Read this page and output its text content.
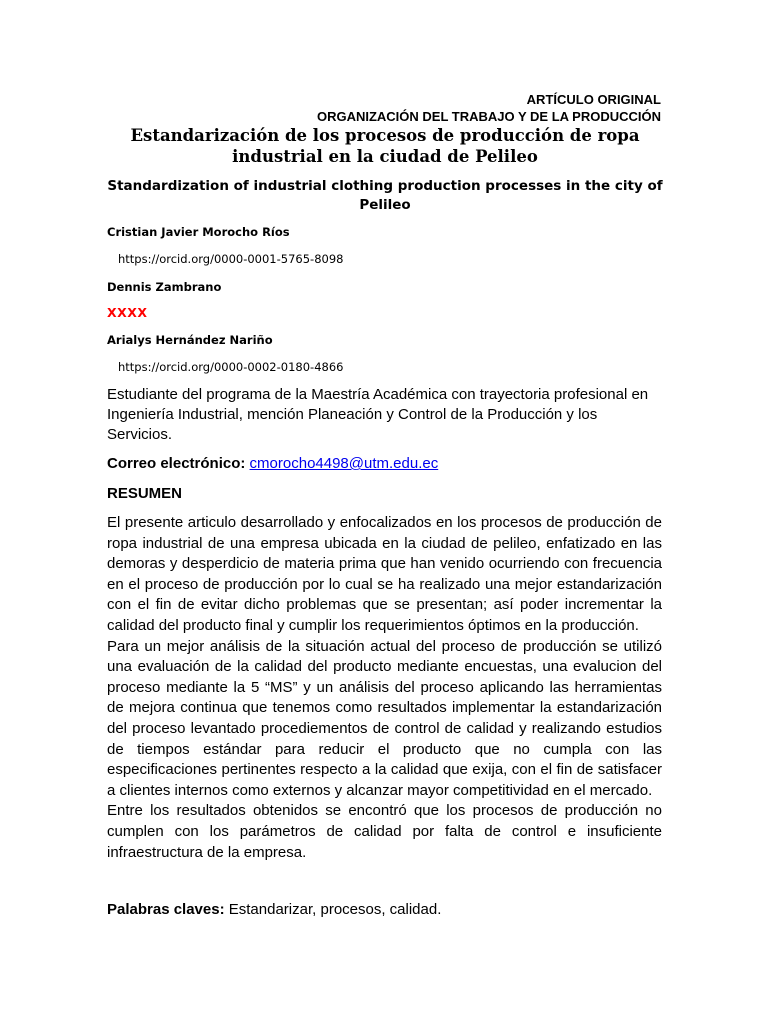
ARTÍCULO ORIGINAL
ORGANIZACIÓN DEL TRABAJO Y DE LA PRODUCCIÓN
Estandarización de los procesos de producción de ropa industrial en la ciudad de Pelileo
Standardization of industrial clothing production processes in the city of Pelileo
Cristian Javier Morocho Ríos
https://orcid.org/0000-0001-5765-8098
Dennis Zambrano
XXXX
Arialys Hernández Nariño
https://orcid.org/0000-0002-0180-4866
Estudiante del programa de la Maestría Académica con trayectoria profesional en Ingeniería Industrial, mención Planeación y Control de la Producción y los Servicios.
Correo electrónico: cmorocho4498@utm.edu.ec
RESUMEN

El presente articulo desarrollado y enfocalizados en los procesos de producción de ropa industrial de una empresa ubicada en la ciudad de pelileo, enfatizado en las demoras y desperdicio de materia prima que han venido ocurriendo con frecuencia en el proceso de producción por lo cual se ha realizado una mejor estandarización con el fin de evitar dicho problemas que se presentan; así poder incrementar la calidad del producto final y cumplir los requerimientos óptimos en la producción.

Para un mejor análisis de la situación actual del proceso de producción se utilizó una evaluación de la calidad del producto mediante encuestas, una evalucion del proceso mediante la 5 “MS” y un análisis del proceso aplicando las herramientas de mejora continua que tenemos como resultados implementar la estandarización del proceso levantado procediementos de control de calidad y realizando estudios de tiempos estándar para reducir el producto que no cumpla con las especificaciones pertinentes respecto a la calidad que exija, con el fin de satisfacer a clientes internos como externos y alcanzar mayor competitividad en el mercado.

Entre los resultados obtenidos se encontró que los procesos de producción no cumplen con los parámetros de calidad por falta de control e insuficiente infraestructura de la empresa.

Palabras claves: Estandarizar, procesos, calidad.
